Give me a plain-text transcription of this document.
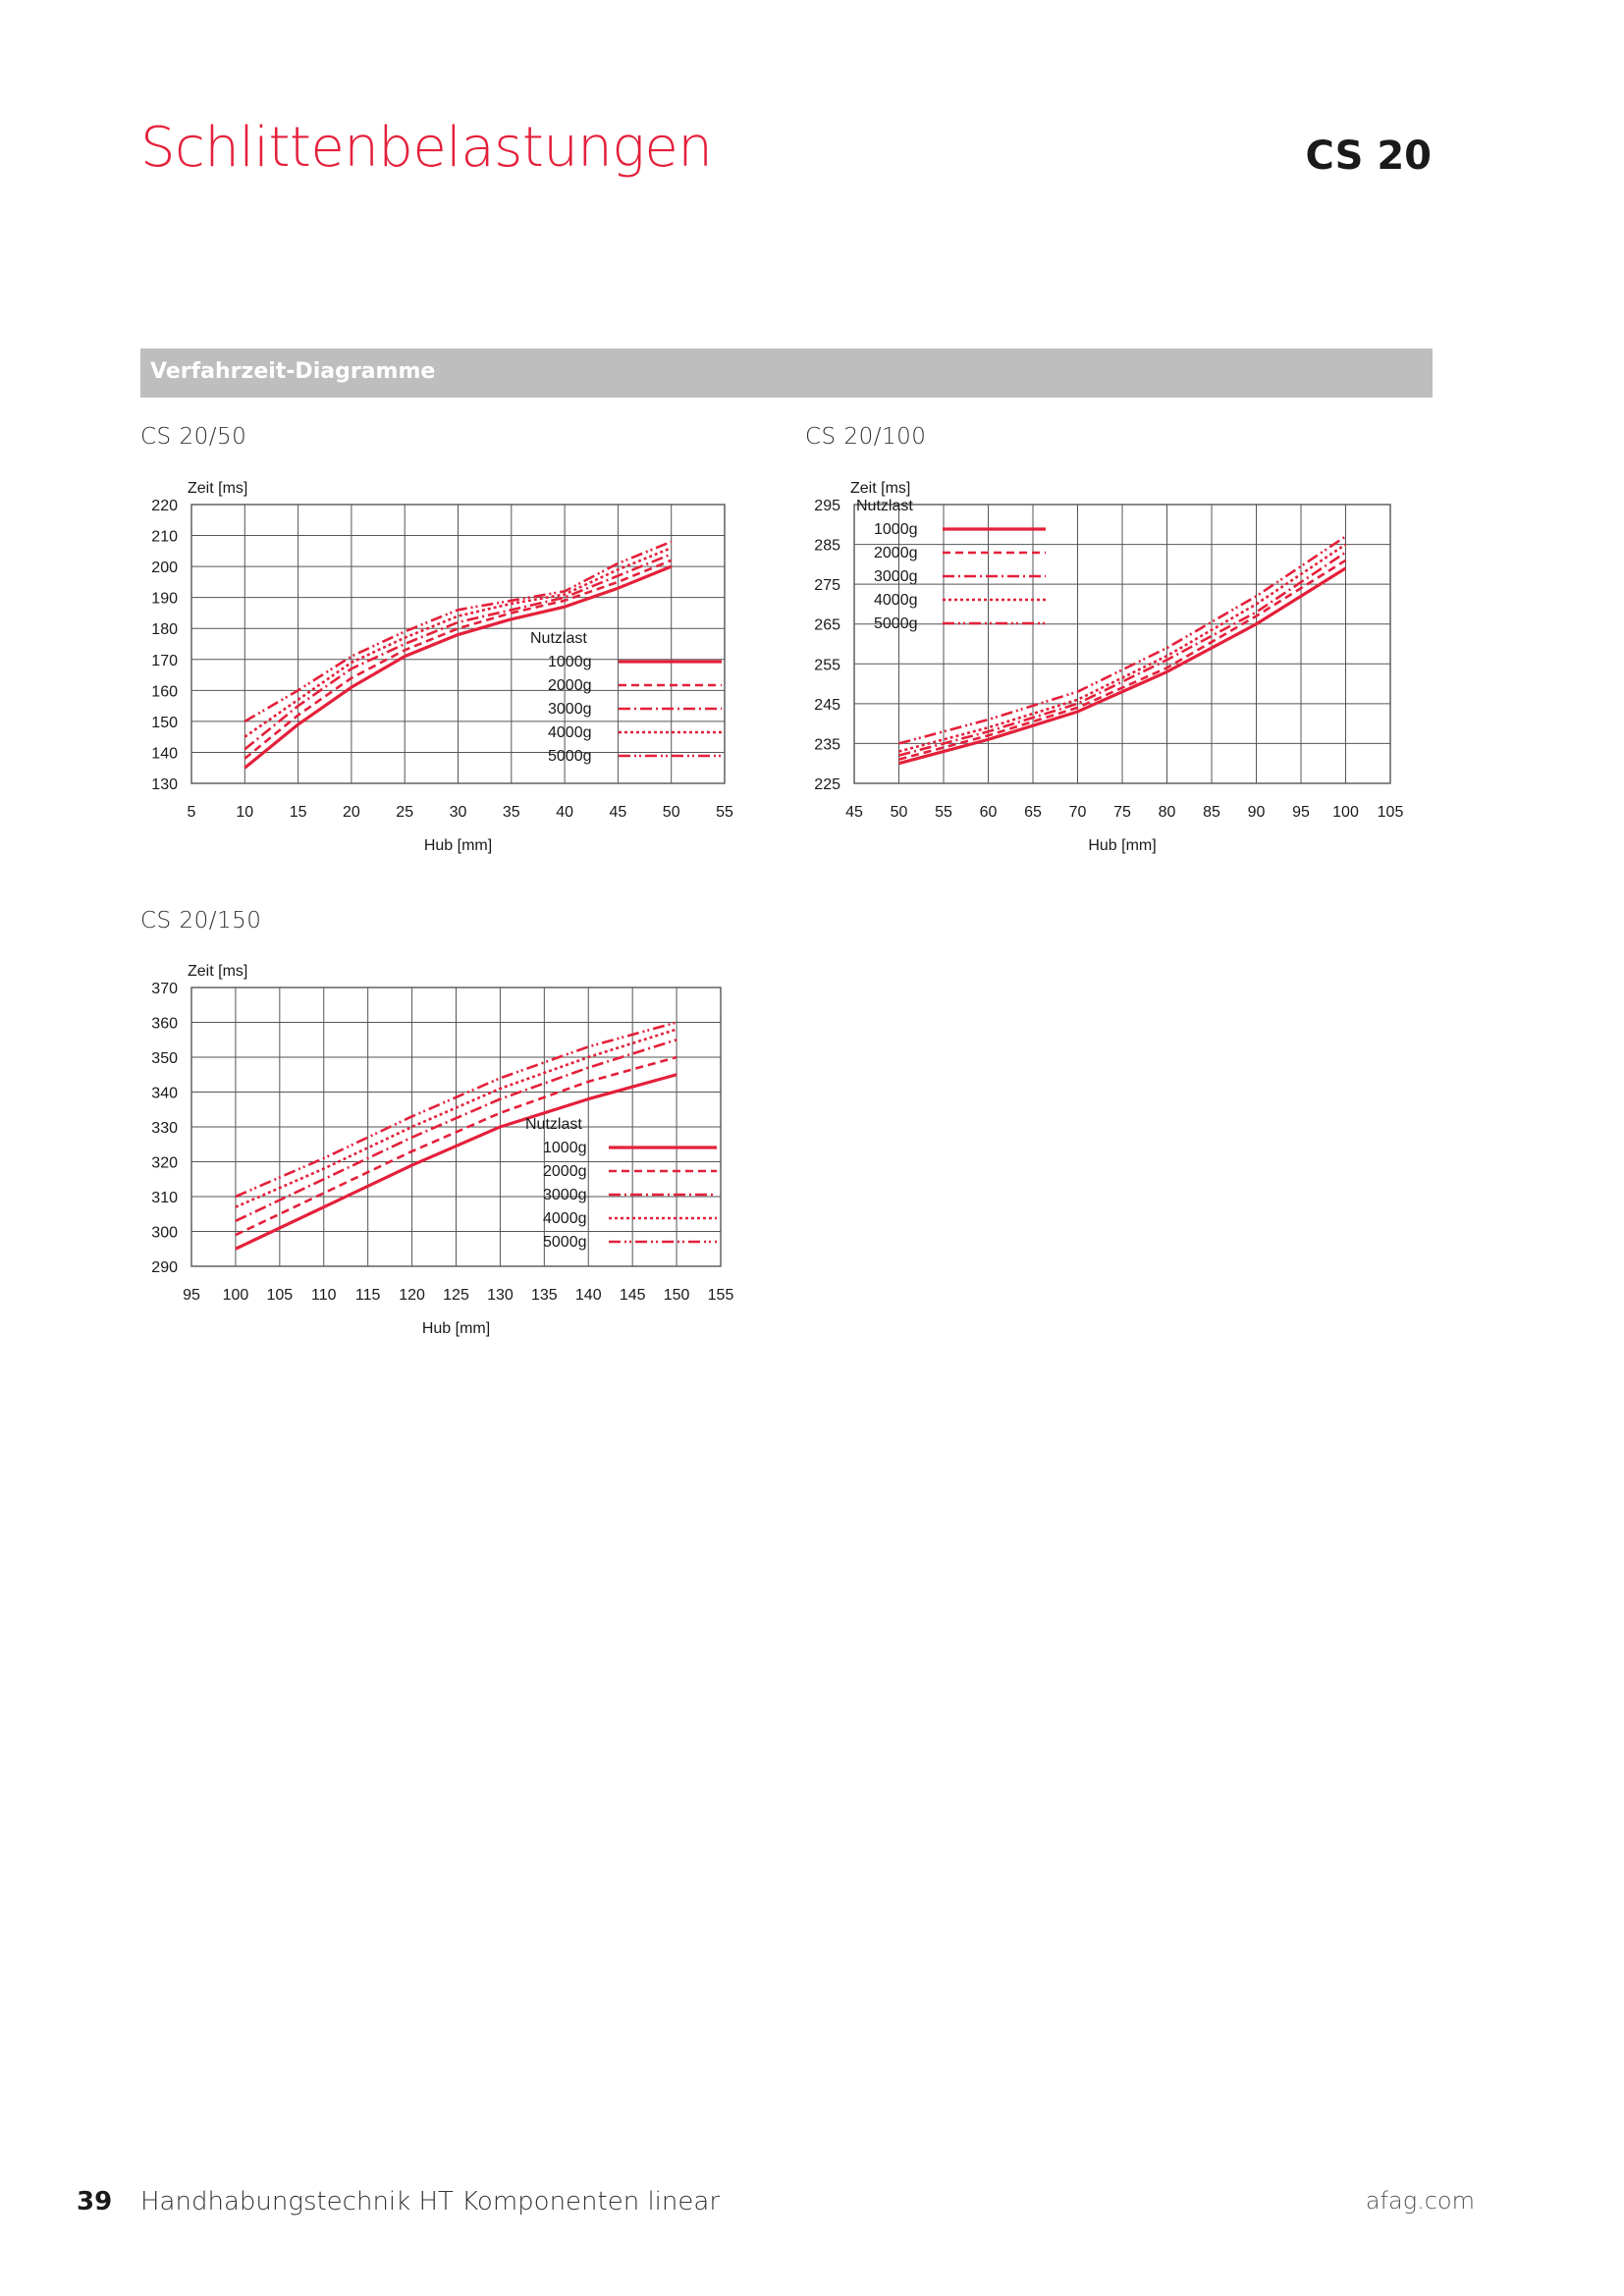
Schlittenbelastungen	CS 20
Verfahrzeit-Diagramme
CS 20/50	CS 20/100
CS 20/150
5	10 15 20 25 30 35 40 45 50 55
130
140
150
160
170
180
190
200
210
220
Zeit [ms]
Hub [mm]
Nutzlast
1000g
2000g
3000g
4000g
5000g
45 50 55 60 65 70 75 80 85 90 95 100 105
225
235
245
255
265
275
285
295
Zeit [ms]
Hub [mm]
Nutzlast
1000g
2000g
3000g
4000g
5000g
95 100 105 110 115 120 125 130 135 140 145 150 155
290
300
310
320
330
340
350
360
370
Zeit [ms]
Hub [mm]
Nutzlast
1000g
2000g
3000g
4000g
5000g
39 Handhabungstechnik HT Komponenten linear	afag.com
